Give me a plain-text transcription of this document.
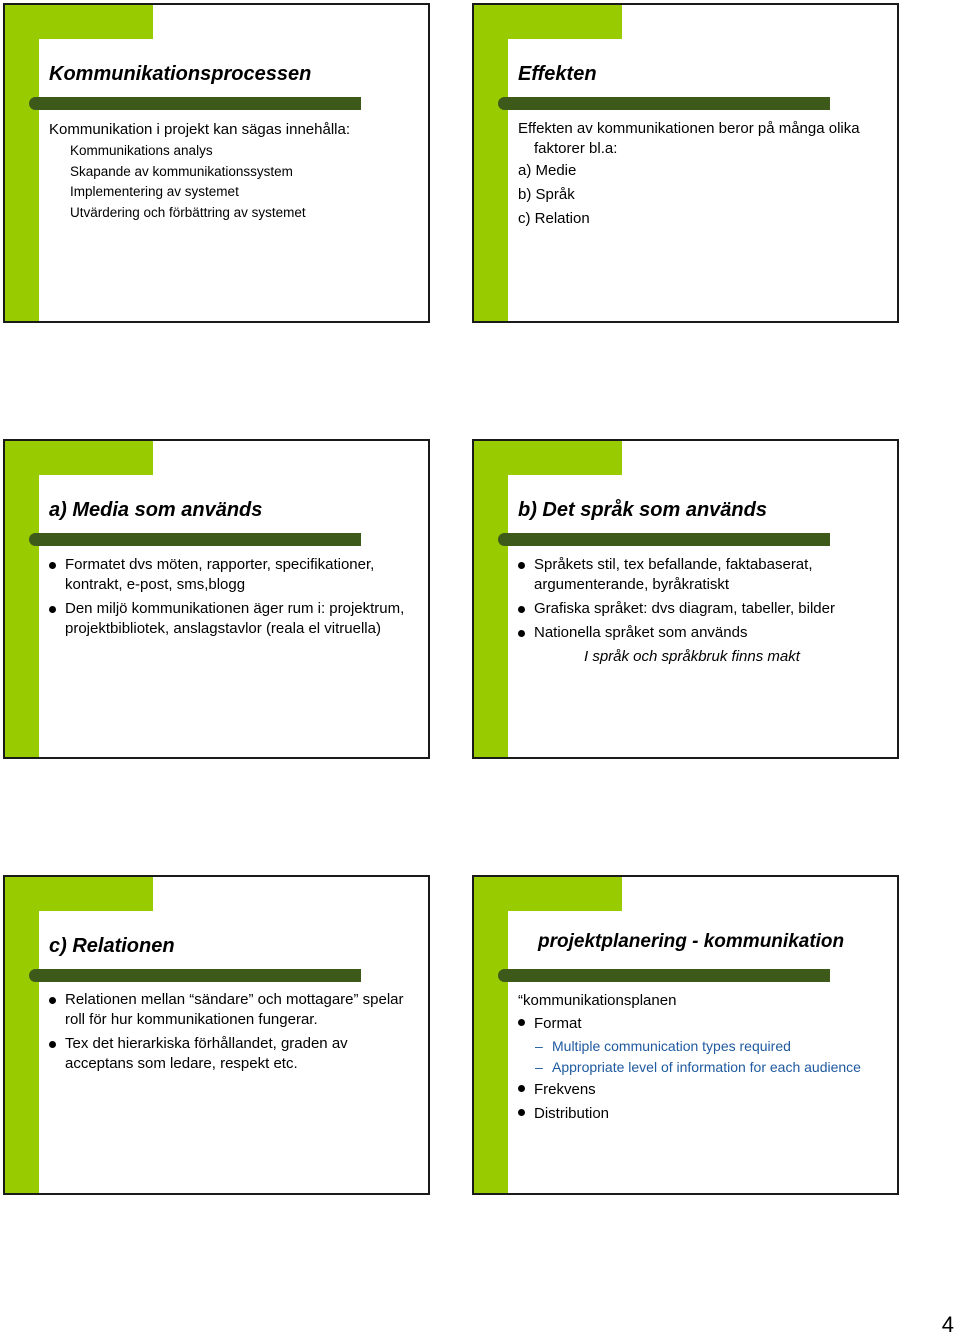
Kommunikationsprocessen
Kommunikation i projekt kan sägas innehålla:
Kommunikations analys
Skapande av kommunikationssystem
Implementering av systemet
Utvärdering och förbättring av systemet
Effekten
Effekten av kommunikationen beror på många olika faktorer bl.a:
a) Medie
b) Språk
c) Relation
a) Media som används
Formatet dvs möten, rapporter, specifikationer, kontrakt, e-post, sms,blogg
Den miljö kommunikationen äger rum i: projektrum, projektbibliotek, anslagstavlor (reala el vitruella)
b) Det språk som används
Språkets stil, tex befallande, faktabaserat, argumenterande, byråkratiskt
Grafiska språket: dvs diagram, tabeller, bilder
Nationella språket som används
I språk och språkbruk finns makt
c) Relationen
Relationen mellan “sändare” och mottagare” spelar roll för hur kommunikationen fungerar.
Tex det hierarkiska förhållandet, graden av acceptans som ledare, respekt etc.
projektplanering - kommunikation
“kommunikationsplanen
Format
– Multiple communication types required
– Appropriate level of information for each audience
Frekvens
Distribution
4
